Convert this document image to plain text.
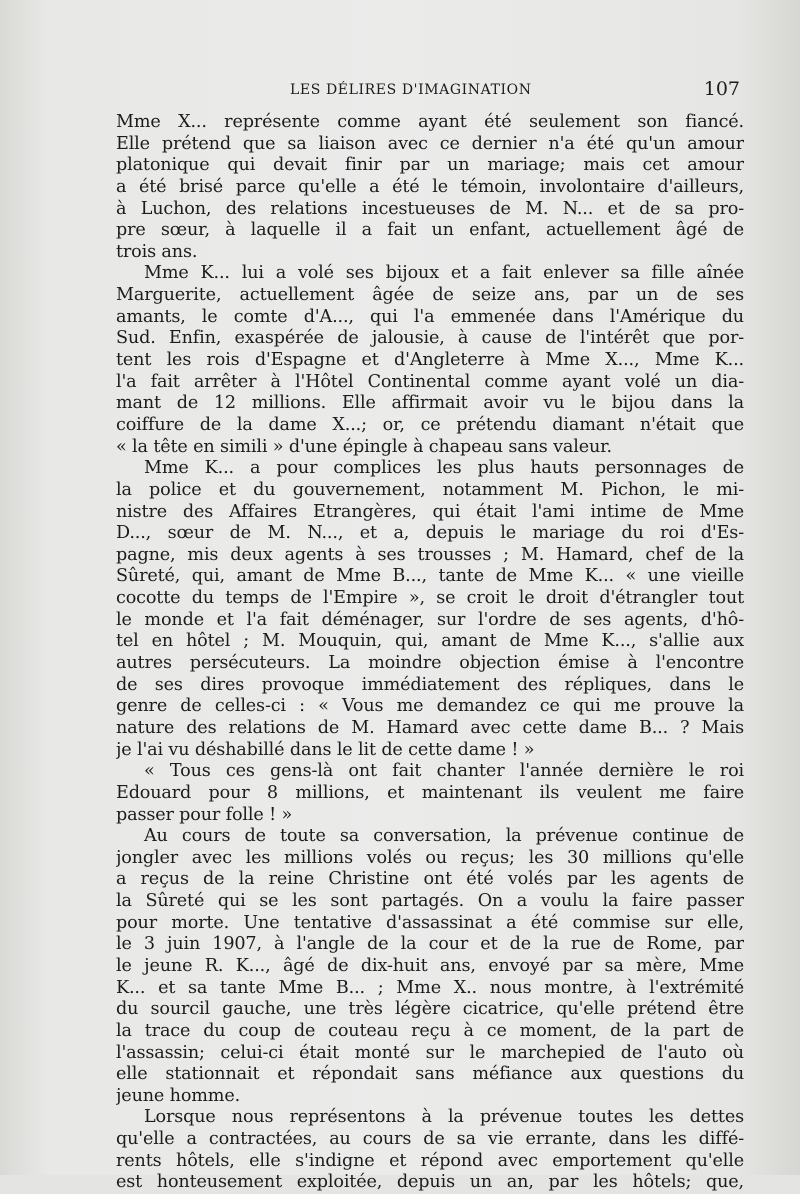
LES DÉLIRES D'IMAGINATION	107
Mme X... représente comme ayant été seulement son fiancé.
Elle prétend que sa liaison avec ce dernier n'a été qu'un amour
platonique qui devait finir par un mariage; mais cet amour
a été brisé parce qu'elle a été le témoin, involontaire d'ailleurs,
à Luchon, des relations incestueuses de M. N... et de sa pro-
pre sœur, à laquelle il a fait un enfant, actuellement âgé de
trois ans.
Mme K... lui a volé ses bijoux et a fait enlever sa fille aînée
Marguerite, actuellement âgée de seize ans, par un de ses
amants, le comte d'A..., qui l'a emmenée dans l'Amérique du
Sud. Enfin, exaspérée de jalousie, à cause de l'intérêt que por-
tent les rois d'Espagne et d'Angleterre à Mme X..., Mme K...
l'a fait arrêter à l'Hôtel Continental comme ayant volé un dia-
mant de 12 millions. Elle affirmait avoir vu le bijou dans la
coiffure de la dame X...; or, ce prétendu diamant n'était que
« la tête en simili » d'une épingle à chapeau sans valeur.
Mme K... a pour complices les plus hauts personnages de
la police et du gouvernement, notamment M. Pichon, le mi-
nistre des Affaires Etrangères, qui était l'ami intime de Mme
D..., sœur de M. N..., et a, depuis le mariage du roi d'Es-
pagne, mis deux agents à ses trousses ; M. Hamard, chef de la
Sûreté, qui, amant de Mme B..., tante de Mme K... « une vieille
cocotte du temps de l'Empire », se croit le droit d'étrangler tout
le monde et l'a fait déménager, sur l'ordre de ses agents, d'hô-
tel en hôtel ; M. Mouquin, qui, amant de Mme K..., s'allie aux
autres persécuteurs. La moindre objection émise à l'encontre
de ses dires provoque immédiatement des répliques, dans le
genre de celles-ci : « Vous me demandez ce qui me prouve la
nature des relations de M. Hamard avec cette dame B... ? Mais
je l'ai vu déshabillé dans le lit de cette dame ! »
« Tous ces gens-là ont fait chanter l'année dernière le roi
Edouard pour 8 millions, et maintenant ils veulent me faire
passer pour folle ! »
Au cours de toute sa conversation, la prévenue continue de
jongler avec les millions volés ou reçus; les 30 millions qu'elle
a reçus de la reine Christine ont été volés par les agents de
la Sûreté qui se les sont partagés. On a voulu la faire passer
pour morte. Une tentative d'assassinat a été commise sur elle,
le 3 juin 1907, à l'angle de la cour et de la rue de Rome, par
le jeune R. K..., âgé de dix-huit ans, envoyé par sa mère, Mme
K... et sa tante Mme B... ; Mme X.. nous montre, à l'extrémité
du sourcil gauche, une très légère cicatrice, qu'elle prétend être
la trace du coup de couteau reçu à ce moment, de la part de
l'assassin; celui-ci était monté sur le marchepied de l'auto où
elle stationnait et répondait sans méfiance aux questions du
jeune homme.
Lorsque nous représentons à la prévenue toutes les dettes
qu'elle a contractées, au cours de sa vie errante, dans les diffé-
rents hôtels, elle s'indigne et répond avec emportement qu'elle
est honteusement exploitée, depuis un an, par les hôtels; que,
